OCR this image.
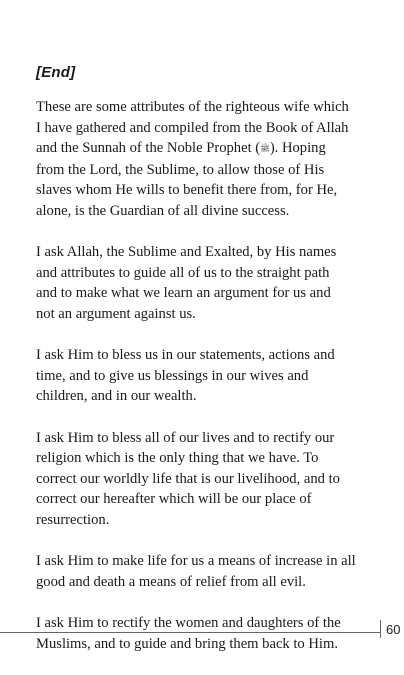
[End]

These are some attributes of the righteous wife which
I have gathered and compiled from the Book of Allah
and the Sunnah of the Noble Prophet (ﷺ). Hoping
from the Lord, the Sublime, to allow those of His
slaves whom He wills to benefit there from, for He,
alone, is the Guardian of all divine success.

I ask Allah, the Sublime and Exalted, by His names
and attributes to guide all of us to the straight path
and to make what we learn an argument for us and
not an argument against us.

I ask Him to bless us in our statements, actions and
time, and to give us blessings in our wives and
children, and in our wealth.

I ask Him to bless all of our lives and to rectify our
religion which is the only thing that we have. To
correct our worldly life that is our livelihood, and to
correct our hereafter which will be our place of
resurrection.

I ask Him to make life for us a means of increase in all
good and death a means of relief from all evil.

I ask Him to rectify the women and daughters of the
Muslims, and to guide and bring them back to Him.

60
